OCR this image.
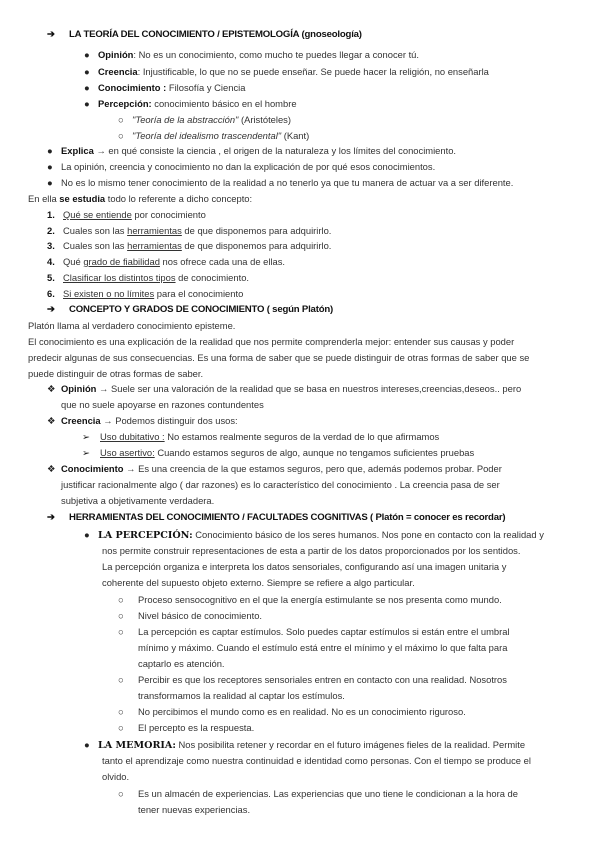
➔ LA TEORÍA DEL CONOCIMIENTO / EPISTEMOLOGÍA (gnoseología)
● Opinión: No es un conocimiento, como mucho te puedes llegar a conocer tú.
● Creencia: Injustificable, lo que no se puede enseñar. Se puede hacer la religión, no enseñarla
● Conocimiento : Filosofía y Ciencia
● Percepción: conocimiento básico en el hombre
○ "Teoría de la abstracción" (Aristóteles)
○ "Teoría del idealismo trascendental" (Kant)
● Explica → en qué consiste la ciencia , el origen de la naturaleza y los límites del conocimiento.
● La opinión, creencia y conocimiento no dan la explicación de por qué esos conocimientos.
● No es lo mismo tener conocimiento de la realidad a no tenerlo ya que tu manera de actuar va a ser diferente.
En ella se estudia todo lo referente a dicho concepto:
1. Qué se entiende por conocimiento
2. Cuales son las herramientas de que disponemos para adquirirlo.
3. Cuales son las herramientas de que disponemos para adquirirlo.
4. Qué grado de fiabilidad nos ofrece cada una de ellas.
5. Clasificar los distintos tipos de conocimiento.
6. Si existen o no límites para el conocimiento
➔ CONCEPTO Y GRADOS DE CONOCIMIENTO ( según Platón)
Platón llama al verdadero conocimiento episteme.
El conocimiento es una explicación de la realidad que nos permite comprenderla mejor: entender sus causas y poder
predecir algunas de sus consecuencias. Es una forma de saber que se puede distinguir de otras formas de saber que se
puede distinguir de otras formas de saber.
❖ Opinión → Suele ser una valoración de la realidad que se basa en nuestros intereses,creencias,deseos.. pero
que no suele apoyarse en razones contundentes
❖ Creencia → Podemos distinguir dos usos:
➢ Uso dubitativo : No estamos realmente seguros de la verdad de lo que afirmamos
➢ Uso asertivo: Cuando estamos seguros de algo, aunque no tengamos suficientes pruebas
❖ Conocimiento → Es una creencia de la que estamos seguros, pero que, además podemos probar. Poder
justificar racionalmente algo ( dar razones) es lo característico del conocimiento . La creencia pasa de ser
subjetiva a objetivamente verdadera.
➔ HERRAMIENTAS DEL CONOCIMIENTO / FACULTADES COGNITIVAS ( Platón = conocer es recordar)
● LA PERCEPCIÓN: Conocimiento básico de los seres humanos. Nos pone en contacto con la realidad y
nos permite construir representaciones de esta a partir de los datos proporcionados por los sentidos.
La percepción organiza e interpreta los datos sensoriales, configurando así una imagen unitaria y
coherente del supuesto objeto externo. Siempre se refiere a algo particular.
○ Proceso sensocognitivo en el que la energía estimulante se nos presenta como mundo.
○ Nivel básico de conocimiento.
○ La percepción es captar estímulos. Solo puedes captar estímulos si están entre el umbral
mínimo y máximo. Cuando el estímulo está entre el mínimo y el máximo lo que falta para
captarlo es atención.
○ Percibir es que los receptores sensoriales entren en contacto con una realidad. Nosotros
transformamos la realidad al captar los estímulos.
○ No percibimos el mundo como es en realidad. No es un conocimiento riguroso.
○ El percepto es la respuesta.
● LA MEMORIA: Nos posibilita retener y recordar en el futuro imágenes fieles de la realidad. Permite
tanto el aprendizaje como nuestra continuidad e identidad como personas. Con el tiempo se produce el
olvido.
○ Es un almacén de experiencias. Las experiencias que uno tiene le condicionan a la hora de
tener nuevas experiencias.
